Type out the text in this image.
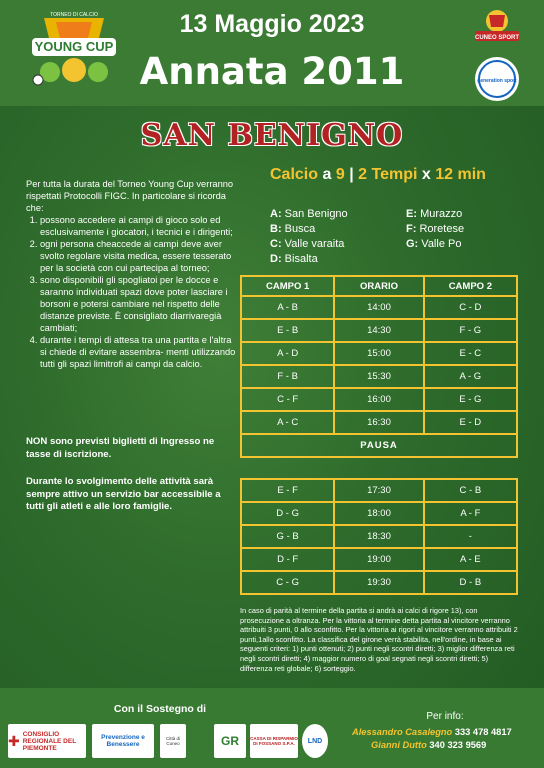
YOUNG CUP
TORNEO DI CALCIO	13 Maggio 2023
Annata 2011
CUNEO SPORT
generation sport
SAN BENIGNO
Calcio a 9 | 2 Tempi x 12 min

Per tutta la durata del Torneo Young Cup verranno rispettati Protocolli FIGC. In particolare si ricorda che:

1. possono accedere ai campi di gioco solo ed esclusivamente i giocatori, i tecnici e i dirigenti;
2. ogni persona cheaccede ai campi deve aver svolto regolare visita medica, essere tesserato per la società con cui partecipa al torneo;
3. sono disponibili gli spogliatoi per le docce e saranno individuati spazi dove poter lasciare i borsoni e potersi cambiare nel rispetto delle distanze previste. È consigliato diarrivaregià cambiati;
4. durante i tempi di attesa tra una partita e l'altra si chiede di evitare assembra- menti utilizzando tutti gli spazi limitrofi ai campi da calcio.
NON sono previsti biglietti di Ingresso ne tasse di iscrizione.
Durante lo svolgimento delle attività sarà sempre attivo un servizio bar accessibile a tutti gli atleti e alle loro famiglie.
A: San Benigno
B: Busca
C: Valle varaita
D: Bisalta
E: Murazzo
F: Roretese
G: Valle Po
CAMPO 1	ORARIO	CAMPO 2
A - B	14:00	C - D
E - B	14:30	F - G
A - D	15:00	E - C
F - B	15:30	A - G
C - F	16:00	E - G
A - C	16:30	E - D
PAUSA		
E - F	17:30	C - B
D - G	18:00	A - F
G - B	18:30	-
D - F	19:00	A - E
C - G	19:30	D - B
In caso di parità al termine della partita si andrà ai calci di rigore 13), con prosecuzione a oltranza. Per la vittoria al termine detta partita al vincitore verranno attribuiti 3 punti, 0 allo sconfitto. Per la vittoria ai rigori al vincitore verranno attribuiti 2 punti,1allo sconfitto. La classifica del girone verrà stabilita, nell'ordine, in base ai seguenti criteri: 1) punti ottenuti; 2) punti negli scontri diretti; 3) miglior differenza reti negli scontri diretti; 4) maggior numero di goal segnati negli scontri diretti; 5) differenza reti globale; 6) sorteggio.
Con il Sostegno di
✚ CONSIGLIO REGIONALE DEL PIEMONTE
Prevenzione e Benessere
Città di Cuneo	GR CASSA DI RISPARMIO DI FOSSANO S.P.A.	LND
Per info:
Alessandro Casalegno 333 478 4817
Gianni Dutto 340 323 9569
